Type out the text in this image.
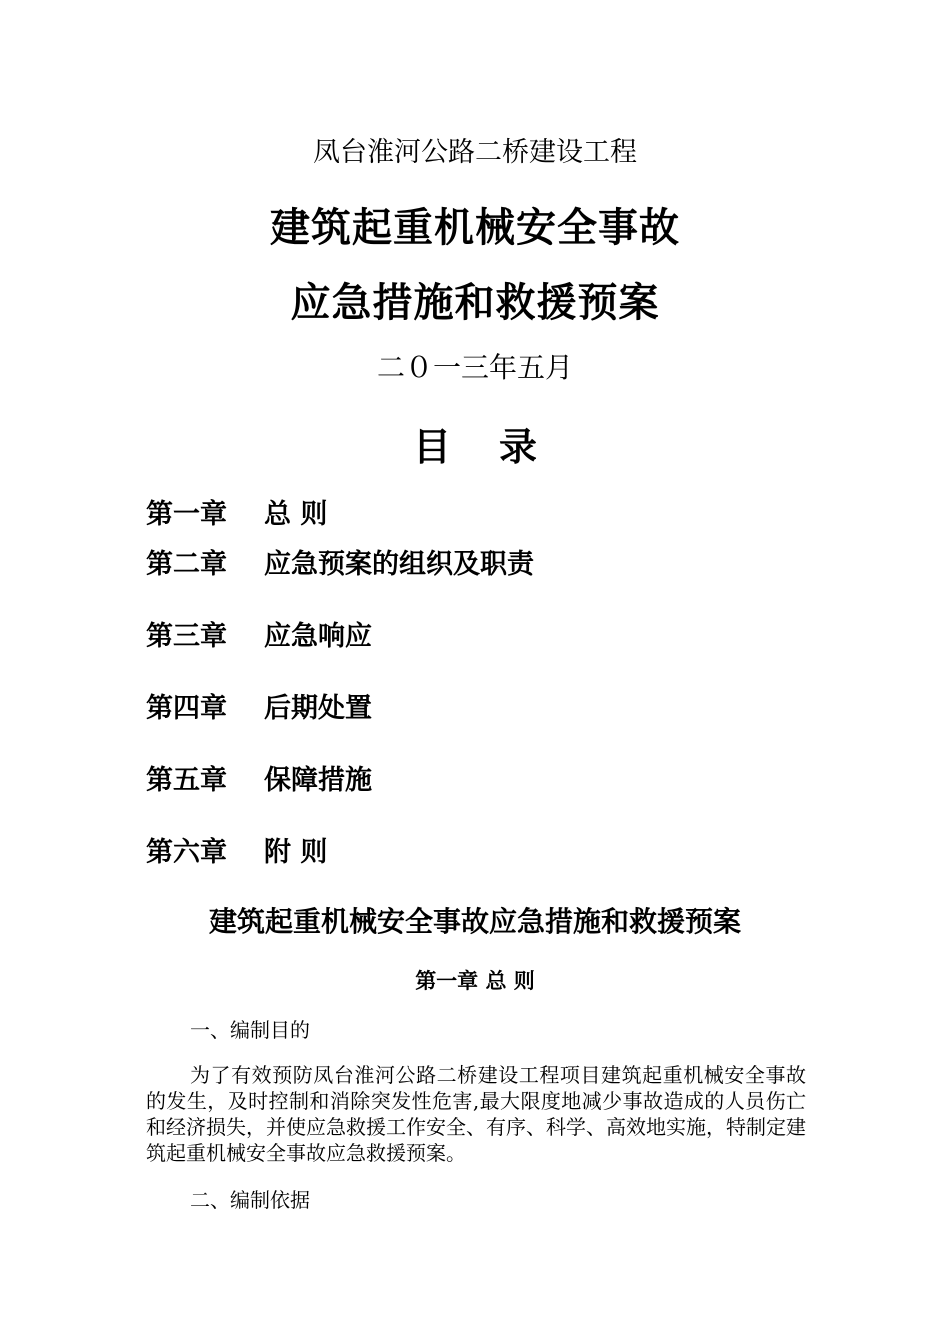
凤台淮河公路二桥建设工程
建筑起重机械安全事故
应急措施和救援预案
二０一三年五月
目 录
第一章 总 则
第二章 应急预案的组织及职责
第三章 应急响应
第四章 后期处置
第五章 保障措施
第六章 附 则
建筑起重机械安全事故应急措施和救援预案
第一章 总 则
一、编制目的

为了有效预防凤台淮河公路二桥建设工程项目建筑起重机械安全事故的发生，及时控制和消除突发性危害,最大限度地减少事故造成的人员伤亡和经济损失，并使应急救援工作安全、有序、科学、高效地实施，特制定建筑起重机械安全事故应急救援预案。

二、编制依据
